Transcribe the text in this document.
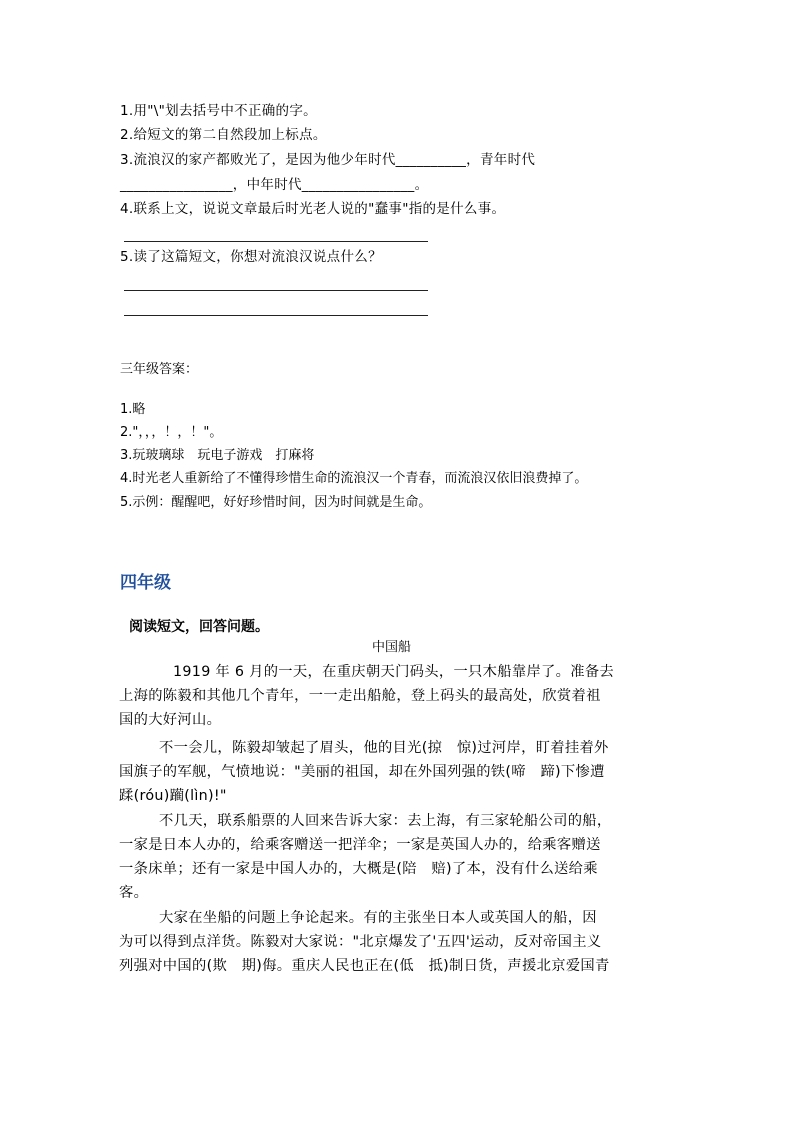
1.用"\"划去括号中不正确的字。
2.给短文的第二自然段加上标点。
3.流浪汉的家产都败光了，是因为他少年时代__________，青年时代
________________，中年时代________________。
4.联系上文，说说文章最后时光老人说的"蠢事"指的是什么事。
5.读了这篇短文，你想对流浪汉说点什么？
三年级答案：
1.略
2."，，，！，！"。
3.玩玻璃球　玩电子游戏　打麻将
4.时光老人重新给了不懂得珍惜生命的流浪汉一个青春，而流浪汉依旧浪费掉了。
5.示例：醒醒吧，好好珍惜时间，因为时间就是生命。
四年级
阅读短文，回答问题。
中国船
1919 年 6 月的一天，在重庆朝天门码头，一只木船靠岸了。准备去
上海的陈毅和其他几个青年，一一走出船舱，登上码头的最高处，欣赏着祖
国的大好河山。
不一会儿，陈毅却皱起了眉头，他的目光(掠　惊)过河岸，盯着挂着外
国旗子的军舰，气愤地说："美丽的祖国，却在外国列强的铁(啼　蹄)下惨遭
蹂(róu)躏(lìn)!"
不几天，联系船票的人回来告诉大家：去上海，有三家轮船公司的船，
一家是日本人办的，给乘客赠送一把洋伞；一家是英国人办的，给乘客赠送
一条床单；还有一家是中国人办的，大概是(陪　赔)了本，没有什么送给乘
客。
大家在坐船的问题上争论起来。有的主张坐日本人或英国人的船，因
为可以得到点洋货。陈毅对大家说："北京爆发了'五四'运动，反对帝国主义
列强对中国的(欺　期)侮。重庆人民也正在(低　抵)制日货，声援北京爱国青
